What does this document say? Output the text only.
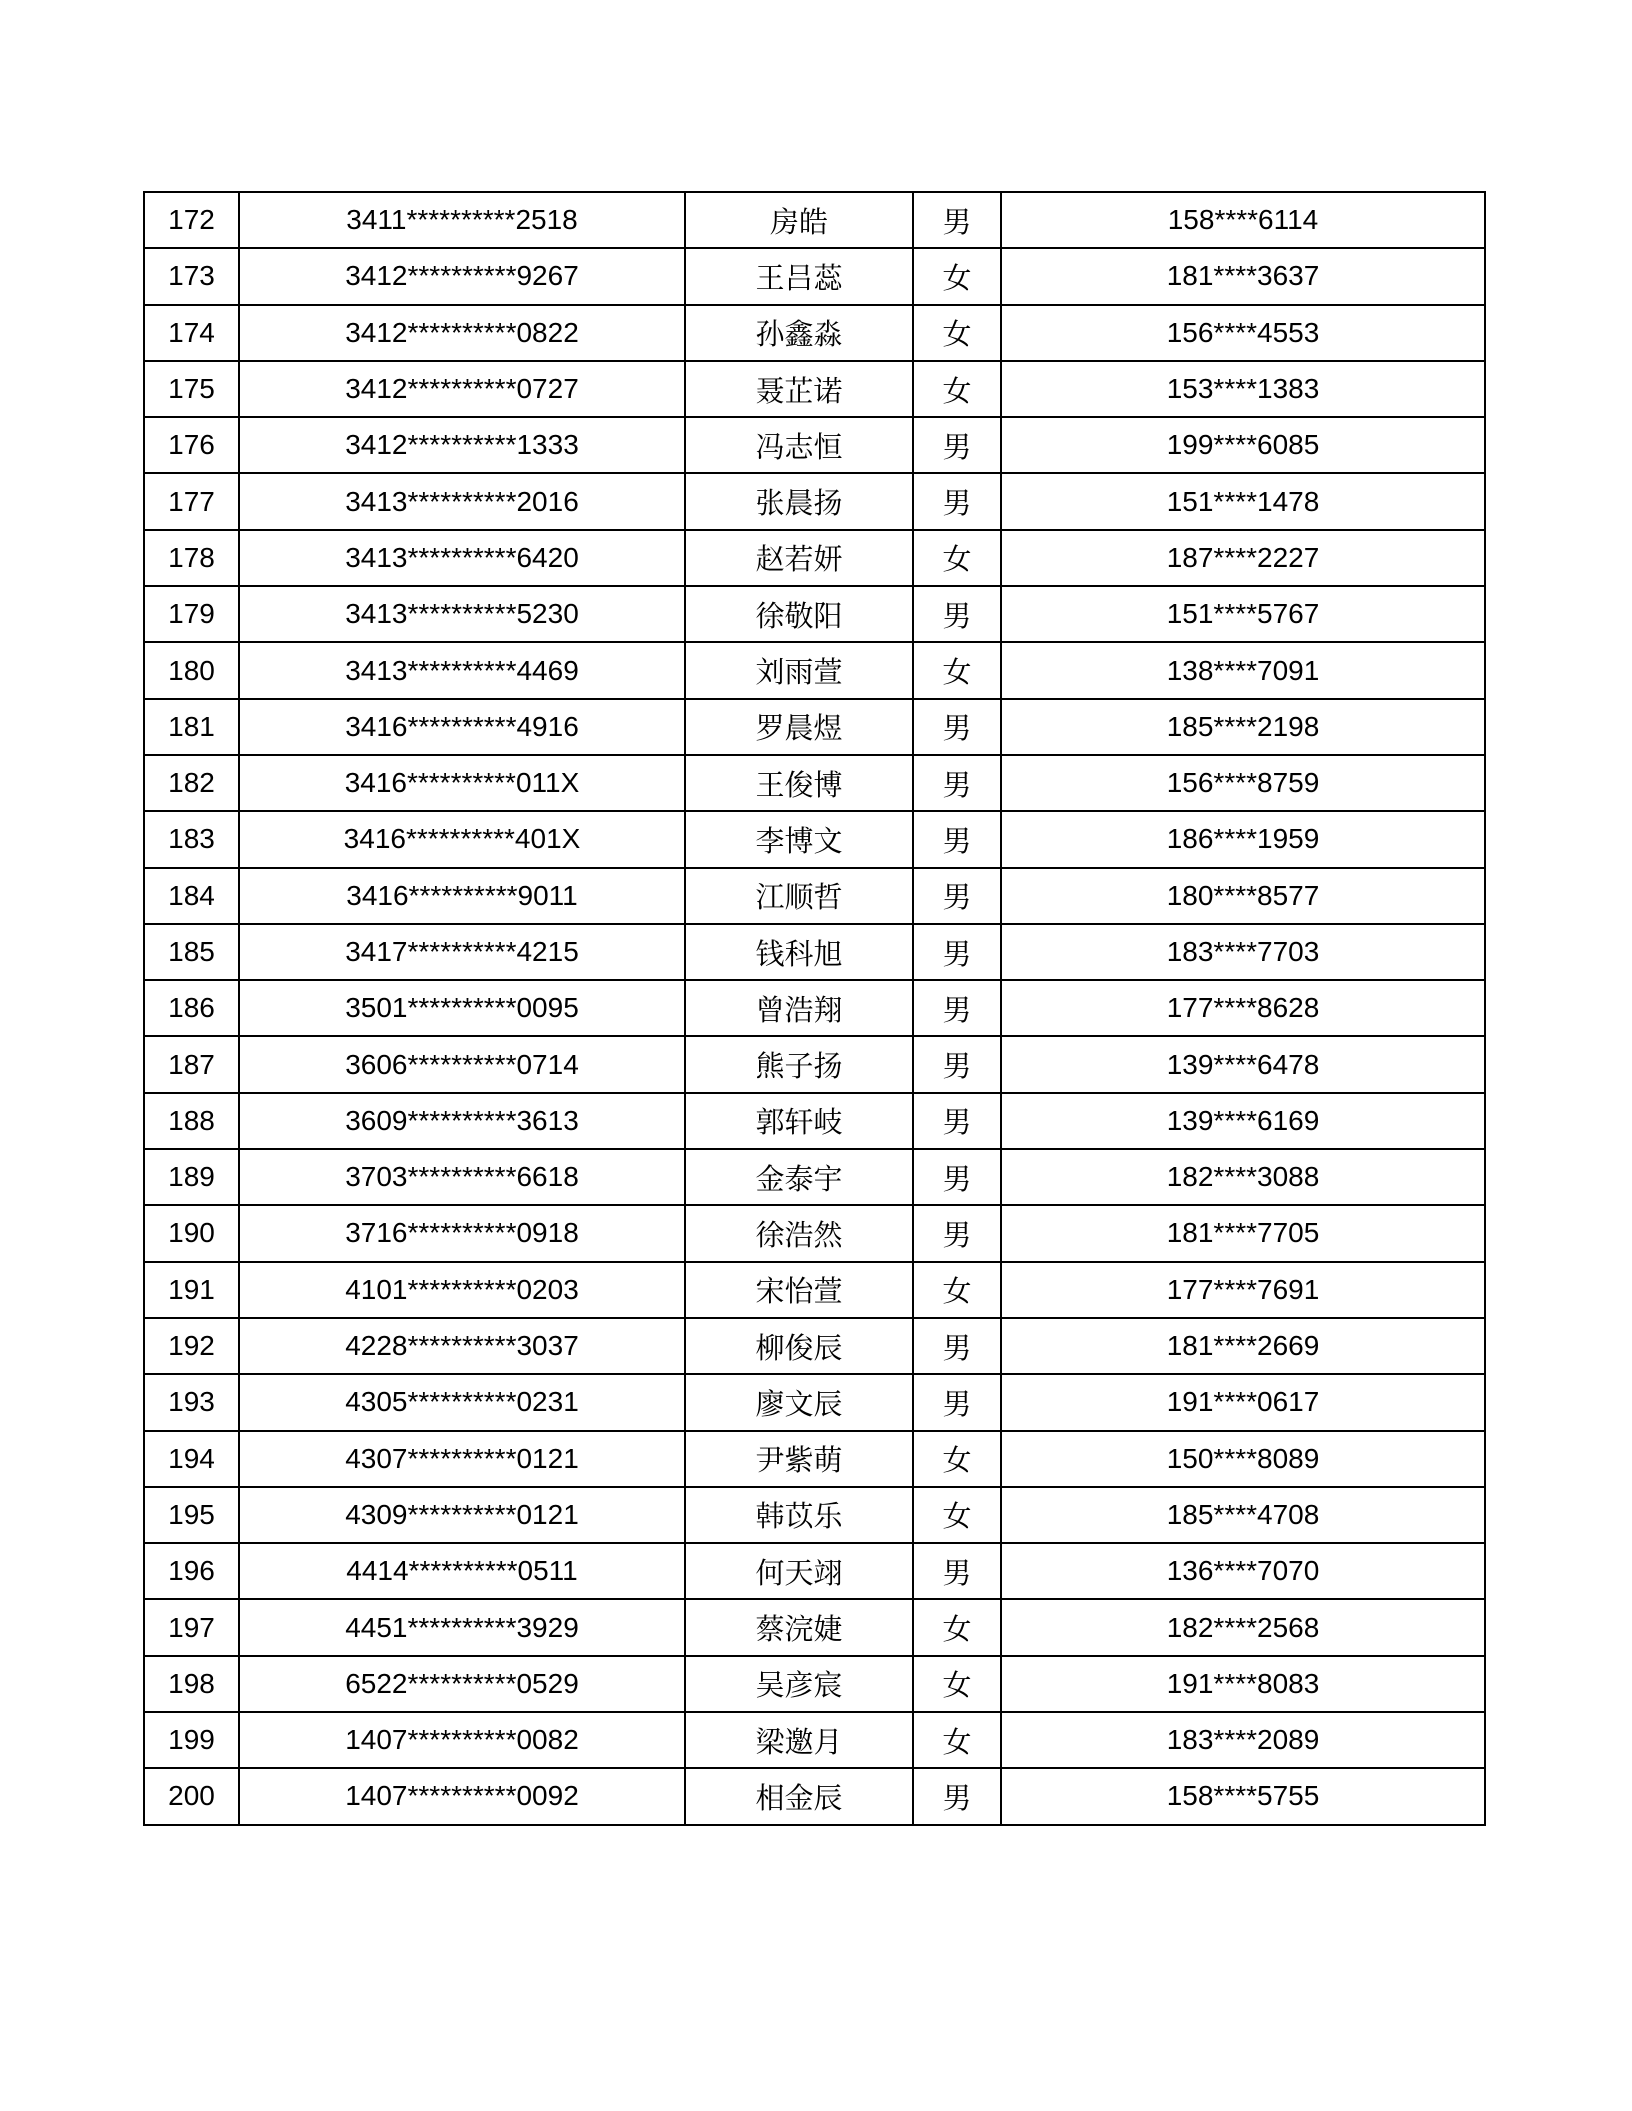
172	3411**********2518	房皓	男	158****6114
173	3412**********9267	王吕蕊	女	181****3637
174	3412**********0822	孙鑫淼	女	156****4553
175	3412**********0727	聂芷诺	女	153****1383
176	3412**********1333	冯志恒	男	199****6085
177	3413**********2016	张晨扬	男	151****1478
178	3413**********6420	赵若妍	女	187****2227
179	3413**********5230	徐敬阳	男	151****5767
180	3413**********4469	刘雨萱	女	138****7091
181	3416**********4916	罗晨煜	男	185****2198
182	3416**********011X	王俊博	男	156****8759
183	3416**********401X	李博文	男	186****1959
184	3416**********9011	江顺哲	男	180****8577
185	3417**********4215	钱科旭	男	183****7703
186	3501**********0095	曾浩翔	男	177****8628
187	3606**********0714	熊子扬	男	139****6478
188	3609**********3613	郭轩岐	男	139****6169
189	3703**********6618	金泰宇	男	182****3088
190	3716**********0918	徐浩然	男	181****7705
191	4101**********0203	宋怡萱	女	177****7691
192	4228**********3037	柳俊辰	男	181****2669
193	4305**********0231	廖文辰	男	191****0617
194	4307**********0121	尹紫萌	女	150****8089
195	4309**********0121	韩苡乐	女	185****4708
196	4414**********0511	何天翊	男	136****7070
197	4451**********3929	蔡浣婕	女	182****2568
198	6522**********0529	吴彦宸	女	191****8083
199	1407**********0082	梁邀月	女	183****2089
200	1407**********0092	相金辰	男	158****5755
